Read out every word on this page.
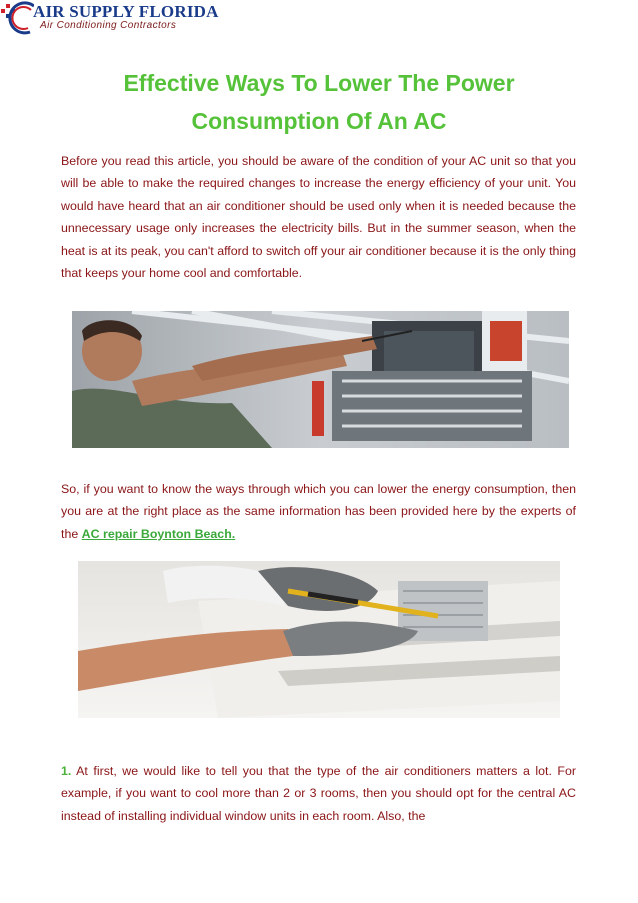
AIR SUPPLY FLORIDA
Air Conditioning Contractors
Effective Ways To Lower The Power
Consumption Of An AC

Before you read this article, you should be aware of the condition of your AC unit so that you will be able to make the required changes to increase the energy efficiency of your unit. You would have heard that an air conditioner should be used only when it is needed because the unnecessary usage only increases the electricity bills. But in the summer season, when the heat is at its peak, you can't afford to switch off your air conditioner because it is the only thing that keeps your home cool and comfortable.

So, if you want to know the ways through which you can lower the energy consumption, then you are at the right place as the same information has been provided here by the experts of the AC repair Boynton Beach.

1. At first, we would like to tell you that the type of the air conditioners matters a lot. For example, if you want to cool more than 2 or 3 rooms, then you should opt for the central AC instead of installing individual window units in each room. Also, the
